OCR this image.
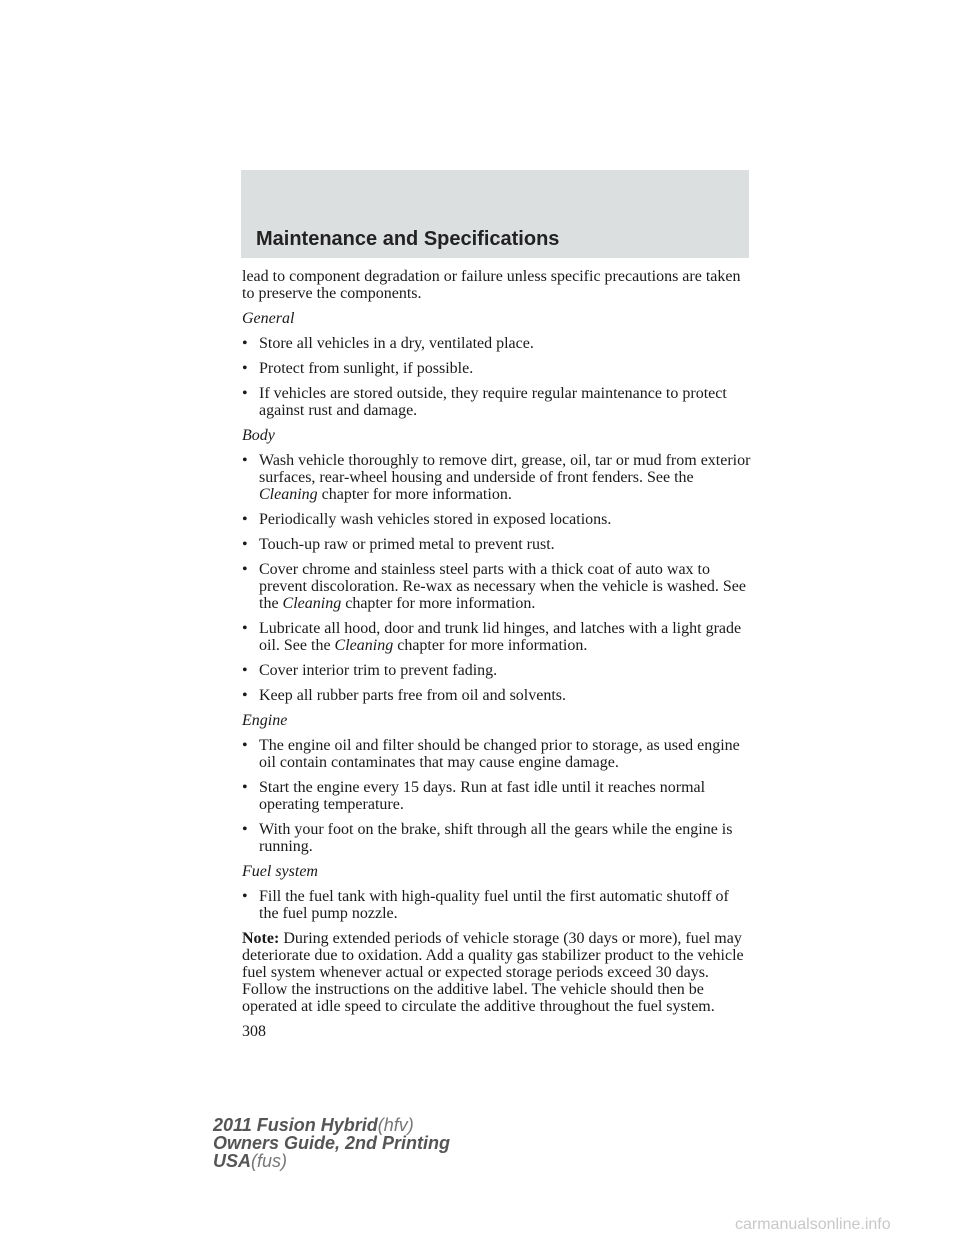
Maintenance and Specifications

lead to component degradation or failure unless specific precautions are taken to preserve the components.

General

• Store all vehicles in a dry, ventilated place.
• Protect from sunlight, if possible.
• If vehicles are stored outside, they require regular maintenance to protect against rust and damage.

Body

• Wash vehicle thoroughly to remove dirt, grease, oil, tar or mud from exterior surfaces, rear-wheel housing and underside of front fenders. See the Cleaning chapter for more information.
• Periodically wash vehicles stored in exposed locations.
• Touch-up raw or primed metal to prevent rust.
• Cover chrome and stainless steel parts with a thick coat of auto wax to prevent discoloration. Re-wax as necessary when the vehicle is washed. See the Cleaning chapter for more information.
• Lubricate all hood, door and trunk lid hinges, and latches with a light grade oil. See the Cleaning chapter for more information.
• Cover interior trim to prevent fading.
• Keep all rubber parts free from oil and solvents.

Engine

• The engine oil and filter should be changed prior to storage, as used engine oil contain contaminates that may cause engine damage.
• Start the engine every 15 days. Run at fast idle until it reaches normal operating temperature.
• With your foot on the brake, shift through all the gears while the engine is running.

Fuel system

• Fill the fuel tank with high-quality fuel until the first automatic shutoff of the fuel pump nozzle.

Note: During extended periods of vehicle storage (30 days or more), fuel may deteriorate due to oxidation. Add a quality gas stabilizer product to the vehicle fuel system whenever actual or expected storage periods exceed 30 days. Follow the instructions on the additive label. The vehicle should then be operated at idle speed to circulate the additive throughout the fuel system.

308
2011 Fusion Hybrid(hfv)
Owners Guide, 2nd Printing
USA(fus)
carmanualsonline.info
